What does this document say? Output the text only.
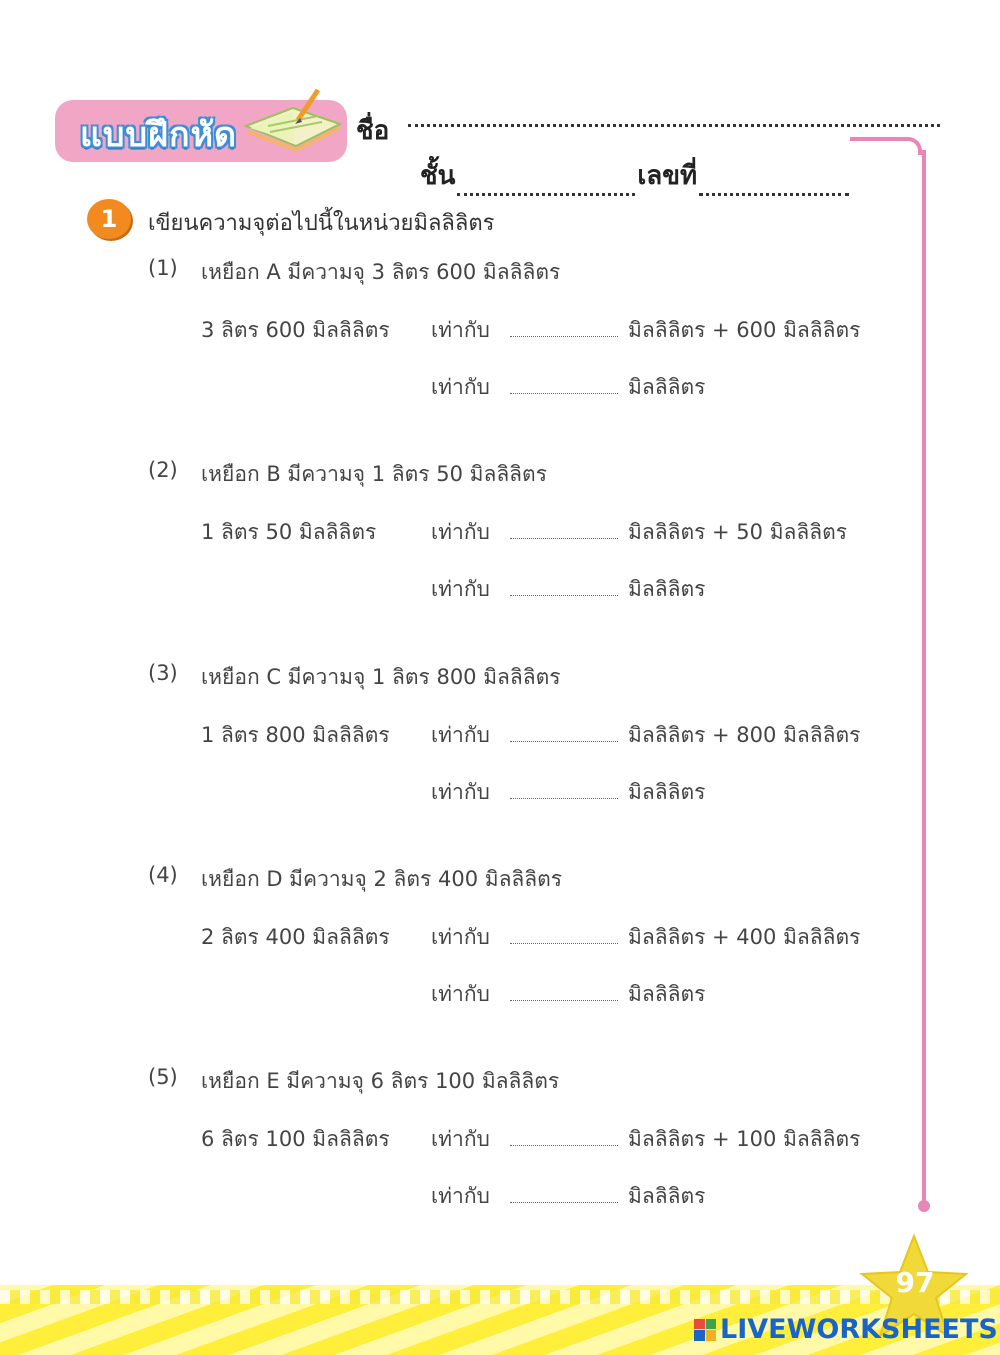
แบบฝึกหัด	ชื่อ
ชั้น	เลขที่
1	เขียนความจุต่อไปนี้ในหน่วยมิลลิลิตร
(1) เหยือก A มีความจุ 3 ลิตร 600 มิลลิลิตร
3 ลิตร 600 มิลลิลิตร เท่ากับ	มิลลิลิตร + 600 มิลลิลิตร
เท่ากับ	มิลลิลิตร
(2) เหยือก B มีความจุ 1 ลิตร 50 มิลลิลิตร
1 ลิตร 50 มิลลิลิตร	เท่ากับ	มิลลิลิตร + 50 มิลลิลิตร
เท่ากับ	มิลลิลิตร
(3) เหยือก C มีความจุ 1 ลิตร 800 มิลลิลิตร
1 ลิตร 800 มิลลิลิตร เท่ากับ	มิลลิลิตร + 800 มิลลิลิตร
เท่ากับ	มิลลิลิตร
(4) เหยือก D มีความจุ 2 ลิตร 400 มิลลิลิตร
2 ลิตร 400 มิลลิลิตร เท่ากับ	มิลลิลิตร + 400 มิลลิลิตร
เท่ากับ	มิลลิลิตร
(5) เหยือก E มีความจุ 6 ลิตร 100 มิลลิลิตร
6 ลิตร 100 มิลลิลิตร เท่ากับ	มิลลิลิตร + 100 มิลลิลิตร
เท่ากับ	มิลลิลิตร
97
LIVEWORKSHEETS
